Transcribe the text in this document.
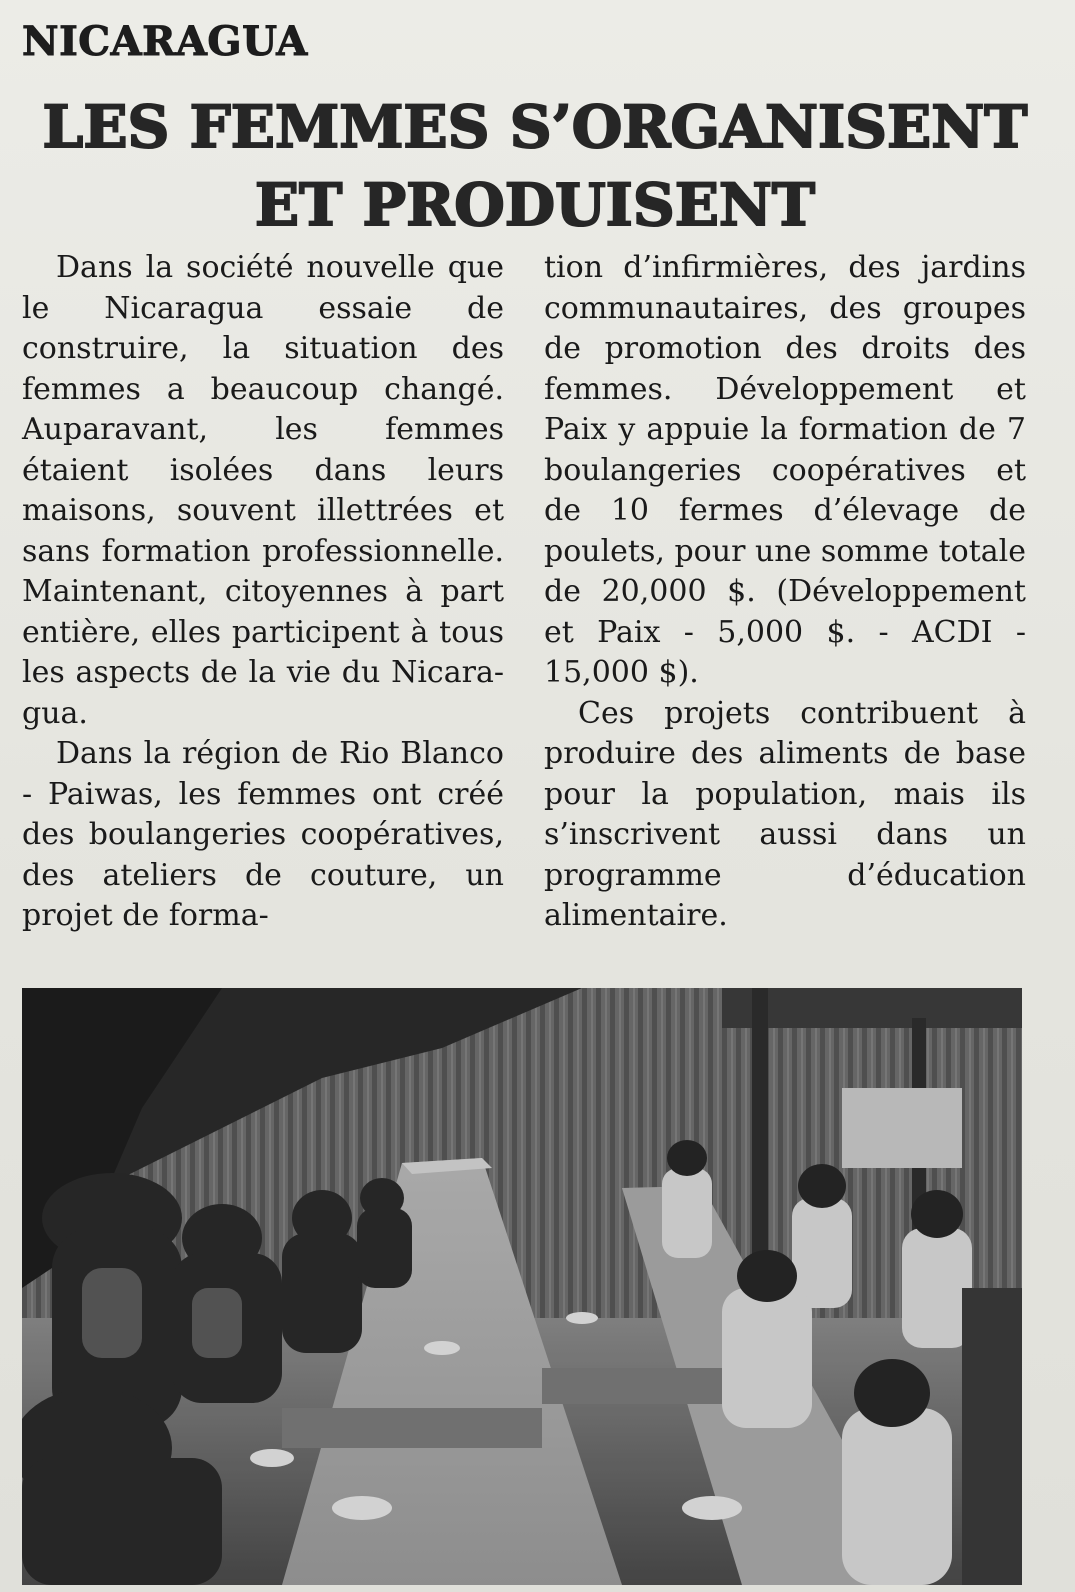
NICARAGUA
LES FEMMES S’ORGANISENT
ET PRODUISENT

Dans la société nouvelle que le Nicaragua essaie de construire, la situation des femmes a beaucoup changé. Auparavant, les femmes étaient isolées dans leurs maisons, souvent illettrées et sans formation professionnelle. Maintenant, citoyennes à part entière, elles participent à tous les aspects de la vie du Nicaragua.

Dans la région de Rio Blanco - Paiwas, les femmes ont créé des boulangeries coopératives, des ateliers de couture, un projet de forma-

tion d’infirmières, des jardins communautaires, des groupes de promotion des droits des femmes. Développement et Paix y appuie la formation de 7 boulangeries coopératives et de 10 fermes d’élevage de poulets, pour une somme totale de 20,000 $. (Développement et Paix - 5,000 $. - ACDI - 15,000 $).

Ces projets contribuent à produire des aliments de base pour la population, mais ils s’inscrivent aussi dans un programme d’éducation alimentaire.
